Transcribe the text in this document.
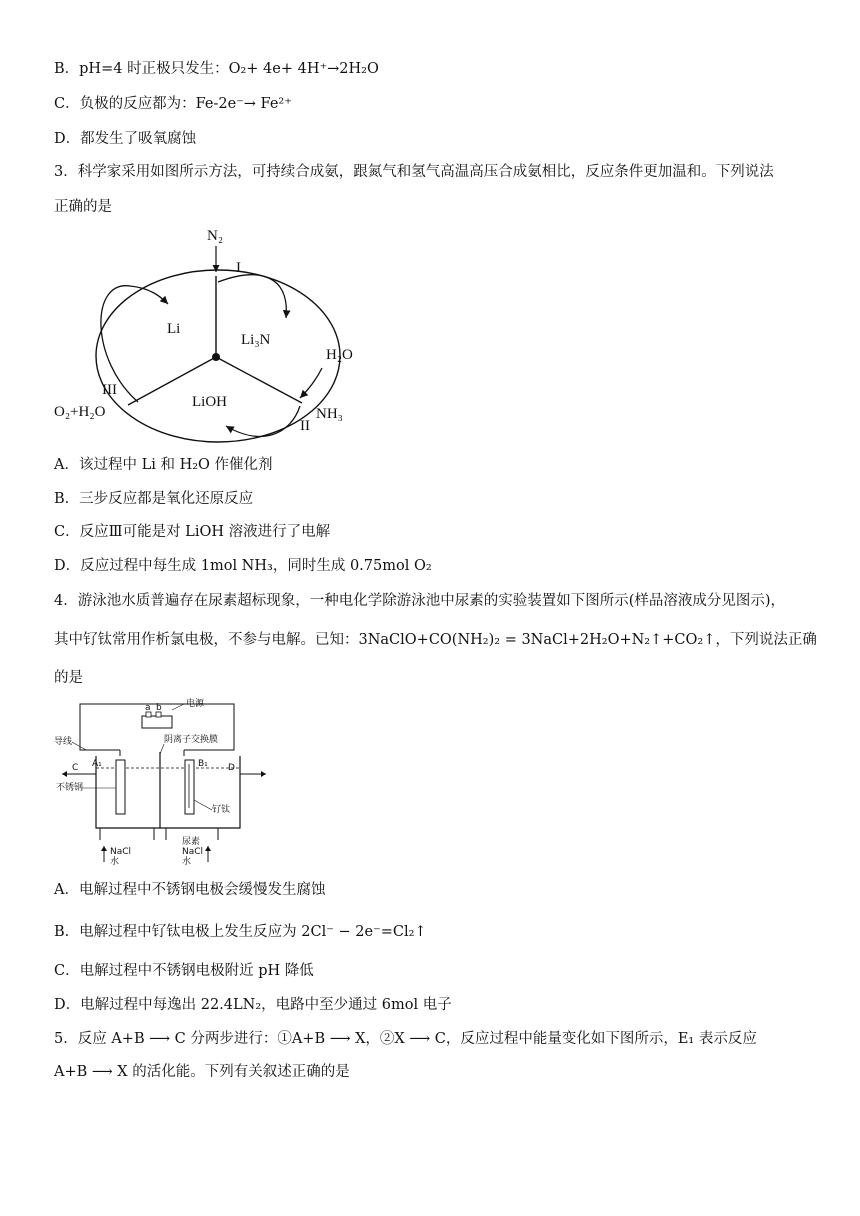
B．pH=4 时正极只发生：O₂+ 4e+ 4H⁺→2H₂O
C．负极的反应都为：Fe-2e⁻→ Fe²⁺
D．都发生了吸氧腐蚀
3．科学家采用如图所示方法，可持续合成氨，跟氮气和氢气高温高压合成氨相比，反应条件更加温和。下列说法
正确的是
N₂
I
Li
Li₃N
H₂O
LiOH
NH₃
II
III
O₂+H₂O
A．该过程中 Li 和 H₂O 作催化剂
B．三步反应都是氧化还原反应
C．反应Ⅲ可能是对 LiOH 溶液进行了电解
D．反应过程中每生成 1mol NH₃，同时生成 0.75mol O₂
4．游泳池水质普遍存在尿素超标现象，一种电化学除游泳池中尿素的实验装置如下图所示(样品溶液成分见图示)，
其中钌钛常用作析氯电极，不参与电解。已知：3NaClO+CO(NH₂)₂ = 3NaCl+2H₂O+N₂↑+CO₂↑，下列说法正确
的是
a b	电源
导线	阴离子交换膜
A₁	B₁
C	D
不锈钢
钌钛
NaCl
水
尿素
NaCl
水
A．电解过程中不锈钢电极会缓慢发生腐蚀
B．电解过程中钌钛电极上发生反应为 2Cl⁻ − 2e⁻=Cl₂↑
C．电解过程中不锈钢电极附近 pH 降低
D．电解过程中每逸出 22.4LN₂，电路中至少通过 6mol 电子
5．反应 A+B ⟶ C 分两步进行：①A+B ⟶ X，②X ⟶ C，反应过程中能量变化如下图所示，E₁ 表示反应
A+B ⟶ X 的活化能。下列有关叙述正确的是
